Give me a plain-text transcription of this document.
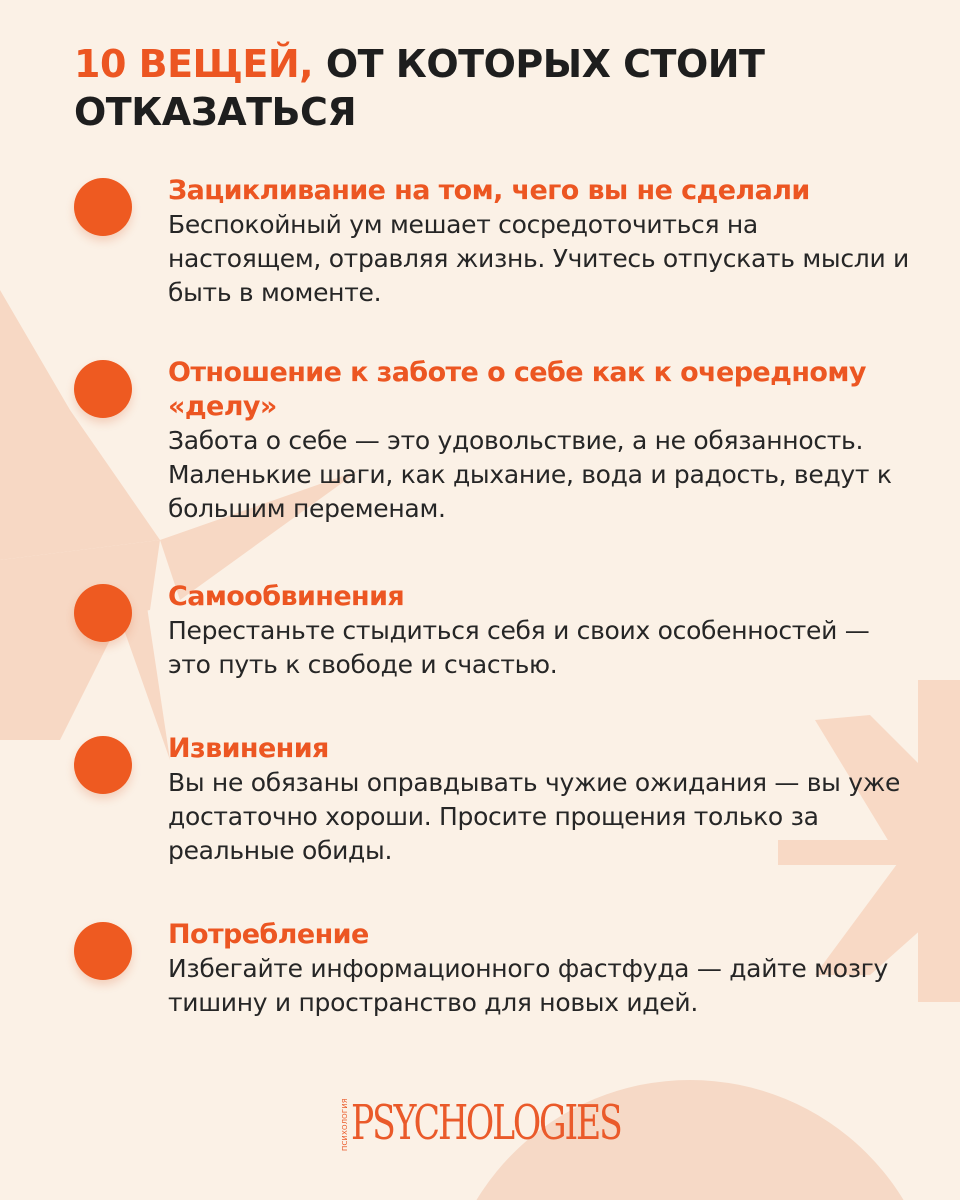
10 ВЕЩЕЙ, ОТ КОТОРЫХ СТОИТ ОТКАЗАТЬСЯ

Зацикливание на том, чего вы не сделали

Беспокойный ум мешает сосредоточиться на настоящем, отравляя жизнь. Учитесь отпускать мысли и быть в моменте.

Отношение к заботе о себе как к очередному «делу»

Забота о себе — это удовольствие, а не обязанность. Маленькие шаги, как дыхание, вода и радость, ведут к большим переменам.

Самообвинения

Перестаньте стыдиться себя и своих особенностей — это путь к свободе и счастью.

Извинения

Вы не обязаны оправдывать чужие ожидания — вы уже достаточно хороши. Просите прощения только за реальные обиды.

Потребление

Избегайте информационного фастфуда — дайте мозгу тишину и пространство для новых идей.

ПСИХОЛОГИЯ PSYCHOLOGIES
